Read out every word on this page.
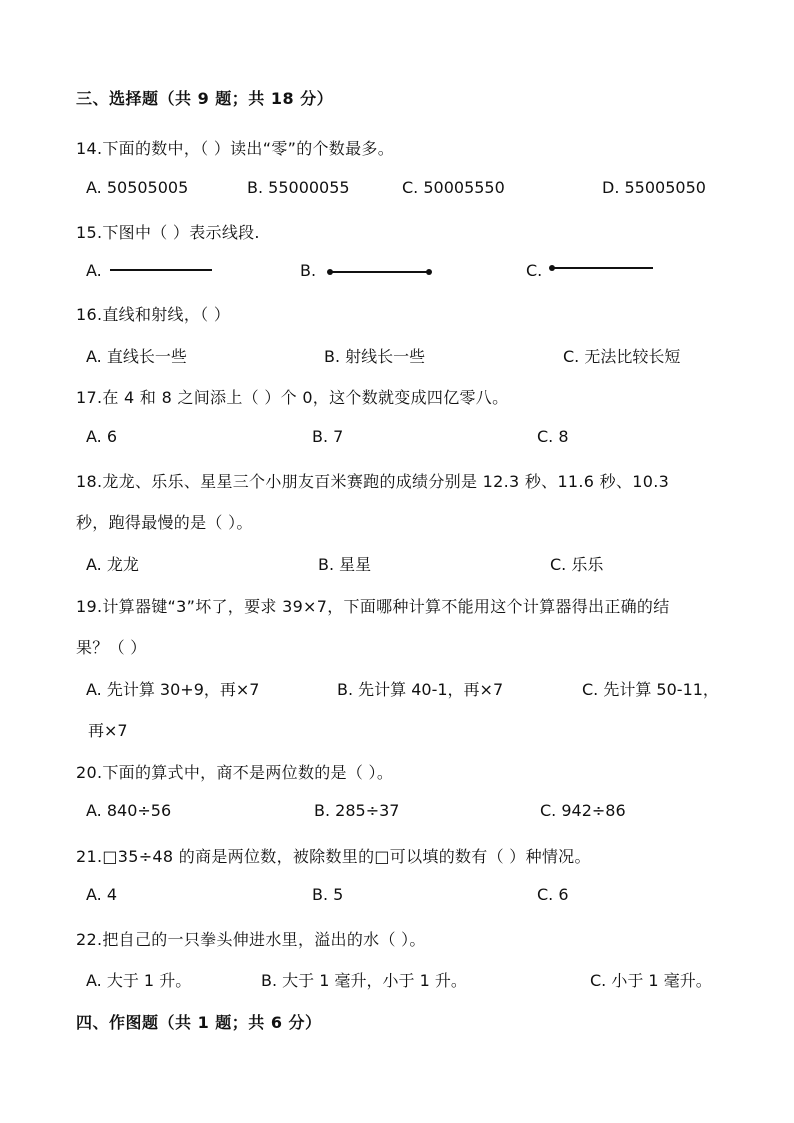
三、选择题（共 9 题；共 18 分）
14.下面的数中，（ ）读出“零”的个数最多。
A. 50505005	B. 55000055	C. 50005550	D. 55005050
15.下图中（ ）表示线段.
A.	B.	C.
16.直线和射线，（ ）
A. 直线长一些	B. 射线长一些	C. 无法比较长短
17.在 4 和 8 之间添上（ ）个 0，这个数就变成四亿零八。
A. 6	B. 7	C. 8
18.龙龙、乐乐、星星三个小朋友百米赛跑的成绩分别是 12.3 秒、11.6 秒、10.3
秒，跑得最慢的是（ ）。
A. 龙龙	B. 星星	C. 乐乐
19.计算器键“3”坏了，要求 39×7，下面哪种计算不能用这个计算器得出正确的结
果？（ ）
A. 先计算 30+9，再×7	B. 先计算 40-1，再×7	C. 先计算 50-11，
再×7
20.下面的算式中，商不是两位数的是（ ）。
A. 840÷56	B. 285÷37	C. 942÷86
21.□35÷48 的商是两位数，被除数里的□可以填的数有（ ）种情况。
A. 4	B. 5	C. 6
22.把自己的一只拳头伸进水里，溢出的水（ ）。
A. 大于 1 升。	B. 大于 1 毫升，小于 1 升。	C. 小于 1 毫升。
四、作图题（共 1 题；共 6 分）
